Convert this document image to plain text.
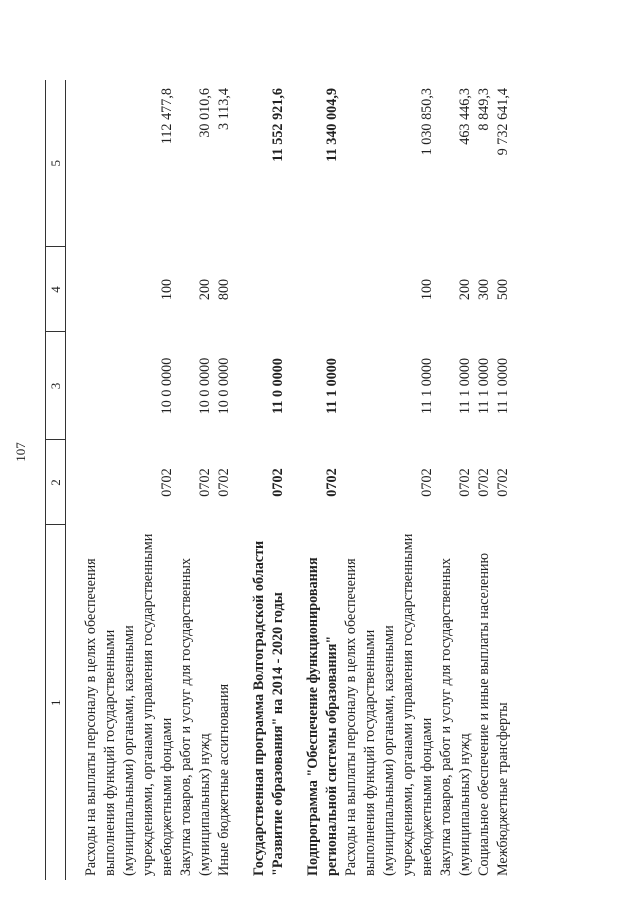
107
1	2	3	4	5

Расходы на выплаты персоналу в целях обеспечения выполнения функций государственными (муниципальными) органами, казенными учреждениями, органами управления государственными внебюджетными фондами	0702	10 0 0000	100	112 477,8
Закупка товаров, работ и услуг для государственных (муниципальных) нужд	0702	10 0 0000	200	30 010,6
Иные бюджетные ассигнования	0702	10 0 0000	800	3 113,4

Государственная программа Волгоградской области "Развитие образования" на 2014 - 2020 годы	0702	11 0 0000		11 552 921,6

Подпрограмма "Обеспечение функционирования региональной системы образования"	0702	11 1 0000		11 340 004,9
Расходы на выплаты персоналу в целях обеспечения выполнения функций государственными (муниципальными) органами, казенными учреждениями, органами управления государственными внебюджетными фондами	0702	11 1 0000	100	1 030 850,3
Закупка товаров, работ и услуг для государственных (муниципальных) нужд	0702	11 1 0000	200	463 446,3
Социальное обеспечение и иные выплаты населению	0702	11 1 0000	300	8 849,3
Межбюджетные трансферты	0702	11 1 0000	500	9 732 641,4
